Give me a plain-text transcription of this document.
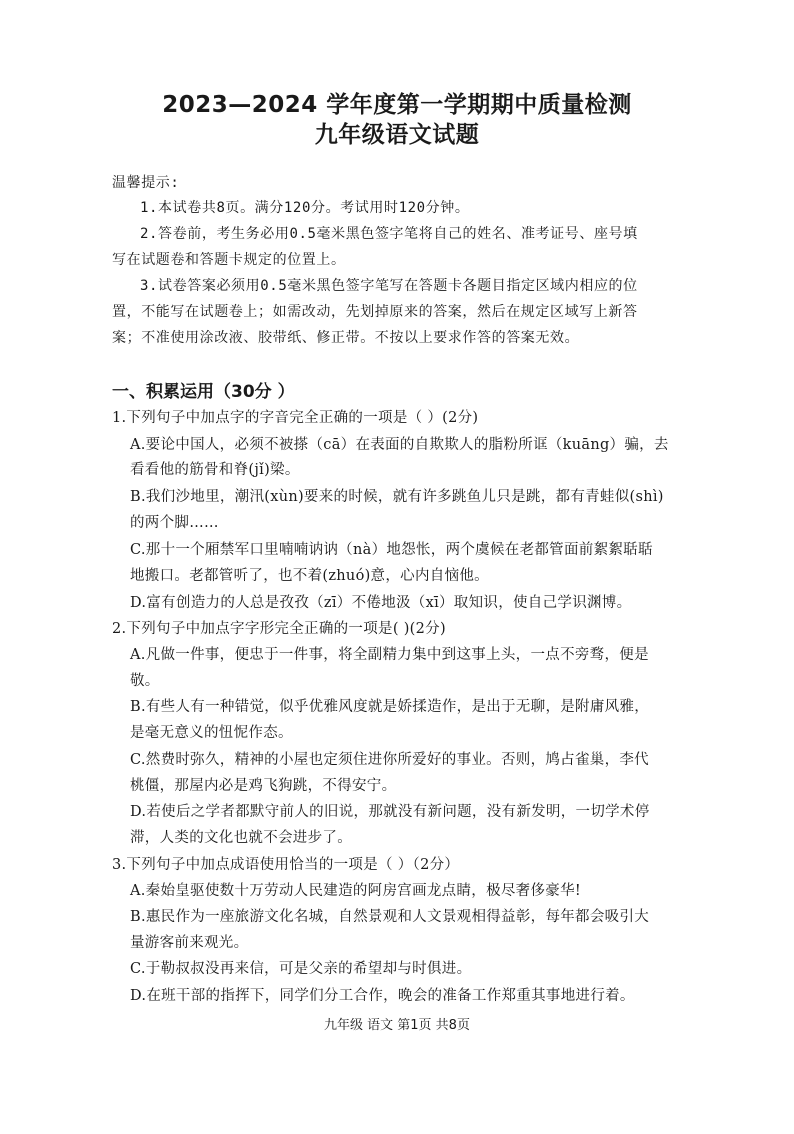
2023—2024 学年度第一学期期中质量检测
九年级语文试题
温馨提示:
1.本试卷共8页。满分120分。考试用时120分钟。
2.答卷前，考生务必用0.5毫米黑色签字笔将自己的姓名、准考证号、座号填
写在试题卷和答题卡规定的位置上。
3.试卷答案必须用0.5毫米黑色签字笔写在答题卡各题目指定区域内相应的位
置，不能写在试题卷上；如需改动，先划掉原来的答案，然后在规定区域写上新答
案；不准使用涂改液、胶带纸、修正带。不按以上要求作答的答案无效。
一、积累运用（30分 ）
1.下列句子中加点字的字音完全正确的一项是（ ）(2分)
A.要论中国人，必须不被搽（cā）在表面的自欺欺人的脂粉所诓（kuāng）骗，去
看看他的筋骨和脊(jǐ)梁。
B.我们沙地里，潮汛(xùn)要来的时候，就有许多跳鱼儿只是跳，都有青蛙似(shì)
的两个脚……
C.那十一个厢禁军口里喃喃讷讷（nà）地怨怅，两个虞候在老都管面前絮絮聒聒
地搬口。老都管听了，也不着(zhuó)意，心内自恼他。
D.富有创造力的人总是孜孜（zī）不倦地汲（xī）取知识，使自己学识渊博。
2.下列句子中加点字字形完全正确的一项是( )(2分)
A.凡做一件事，便忠于一件事，将全副精力集中到这事上头，一点不旁骛，便是
敬。
B.有些人有一种错觉，似乎优雅风度就是娇揉造作，是出于无聊，是附庸风雅，
是毫无意义的忸怩作态。
C.然费时弥久，精神的小屋也定须住进你所爱好的事业。否则，鸠占雀巢，李代
桃僵，那屋内必是鸡飞狗跳，不得安宁。
D.若使后之学者都默守前人的旧说，那就没有新问题，没有新发明，一切学术停
滞，人类的文化也就不会进步了。
3.下列句子中加点成语使用恰当的一项是（ ）（2分）
A.秦始皇驱使数十万劳动人民建造的阿房宫画龙点睛，极尽奢侈豪华!
B.惠民作为一座旅游文化名城，自然景观和人文景观相得益彰，每年都会吸引大
量游客前来观光。
C.于勒叔叔没再来信，可是父亲的希望却与时俱进。
D.在班干部的指挥下，同学们分工合作，晚会的准备工作郑重其事地进行着。
九年级 语文 第1页 共8页
